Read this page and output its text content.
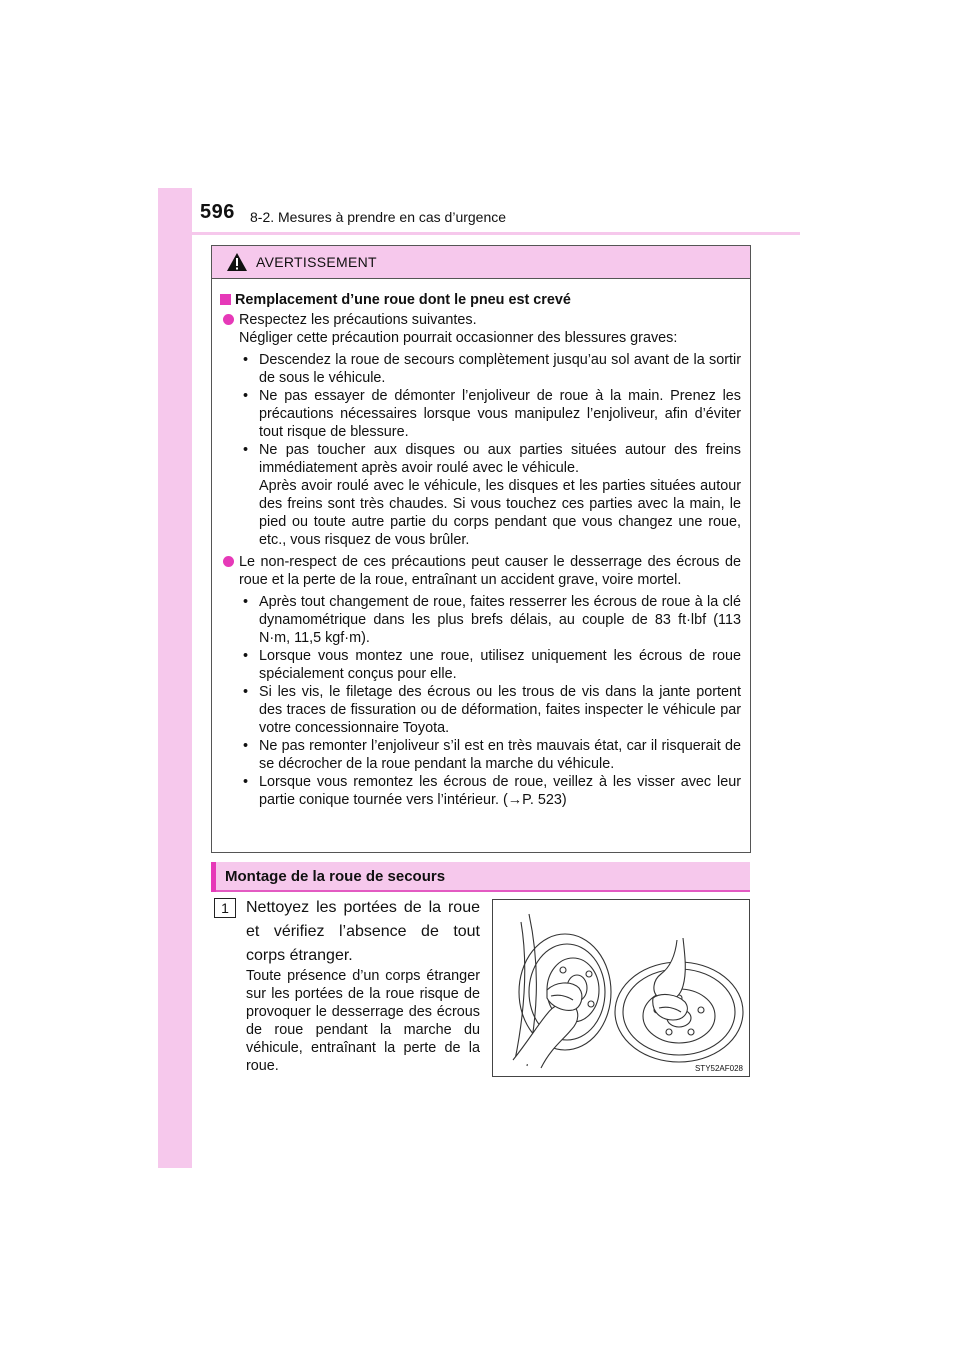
596 8-2. Mesures à prendre en cas d’urgence
AVERTISSEMENT
Remplacement d’une roue dont le pneu est crevé
Respectez les précautions suivantes.
Négliger cette précaution pourrait occasionner des blessures graves:
• Descendez la roue de secours complètement jusqu’au sol avant de la sortir de sous le véhicule.
• Ne pas essayer de démonter l’enjoliveur de roue à la main. Prenez les précautions nécessaires lorsque vous manipulez l’enjoliveur, afin d’éviter tout risque de blessure.
• Ne pas toucher aux disques ou aux parties situées autour des freins immédiatement après avoir roulé avec le véhicule.
Après avoir roulé avec le véhicule, les disques et les parties situées autour des freins sont très chaudes. Si vous touchez ces parties avec la main, le pied ou toute autre partie du corps pendant que vous changez une roue, etc., vous risquez de vous brûler.
Le non-respect de ces précautions peut causer le desserrage des écrous de roue et la perte de la roue, entraînant un accident grave, voire mortel.
• Après tout changement de roue, faites resserrer les écrous de roue à la clé dynamométrique dans les plus brefs délais, au couple de 83 ft·lbf (113 N·m, 11,5 kgf·m).
• Lorsque vous montez une roue, utilisez uniquement les écrous de roue spécialement conçus pour elle.
• Si les vis, le filetage des écrous ou les trous de vis dans la jante portent des traces de fissuration ou de déformation, faites inspecter le véhicule par votre concessionnaire Toyota.
• Ne pas remonter l’enjoliveur s’il est en très mauvais état, car il risquerait de se décrocher de la roue pendant la marche du véhicule.
• Lorsque vous remontez les écrous de roue, veillez à les visser avec leur partie conique tournée vers l’intérieur. (→P. 523)
Montage de la roue de secours
1	Nettoyez les portées de la roue et vérifiez l’absence de tout corps étranger.
Toute présence d’un corps étranger sur les portées de la roue risque de provoquer le desserrage des écrous de roue pendant la marche du véhicule, entraînant la perte de la roue.	STY52AF028
